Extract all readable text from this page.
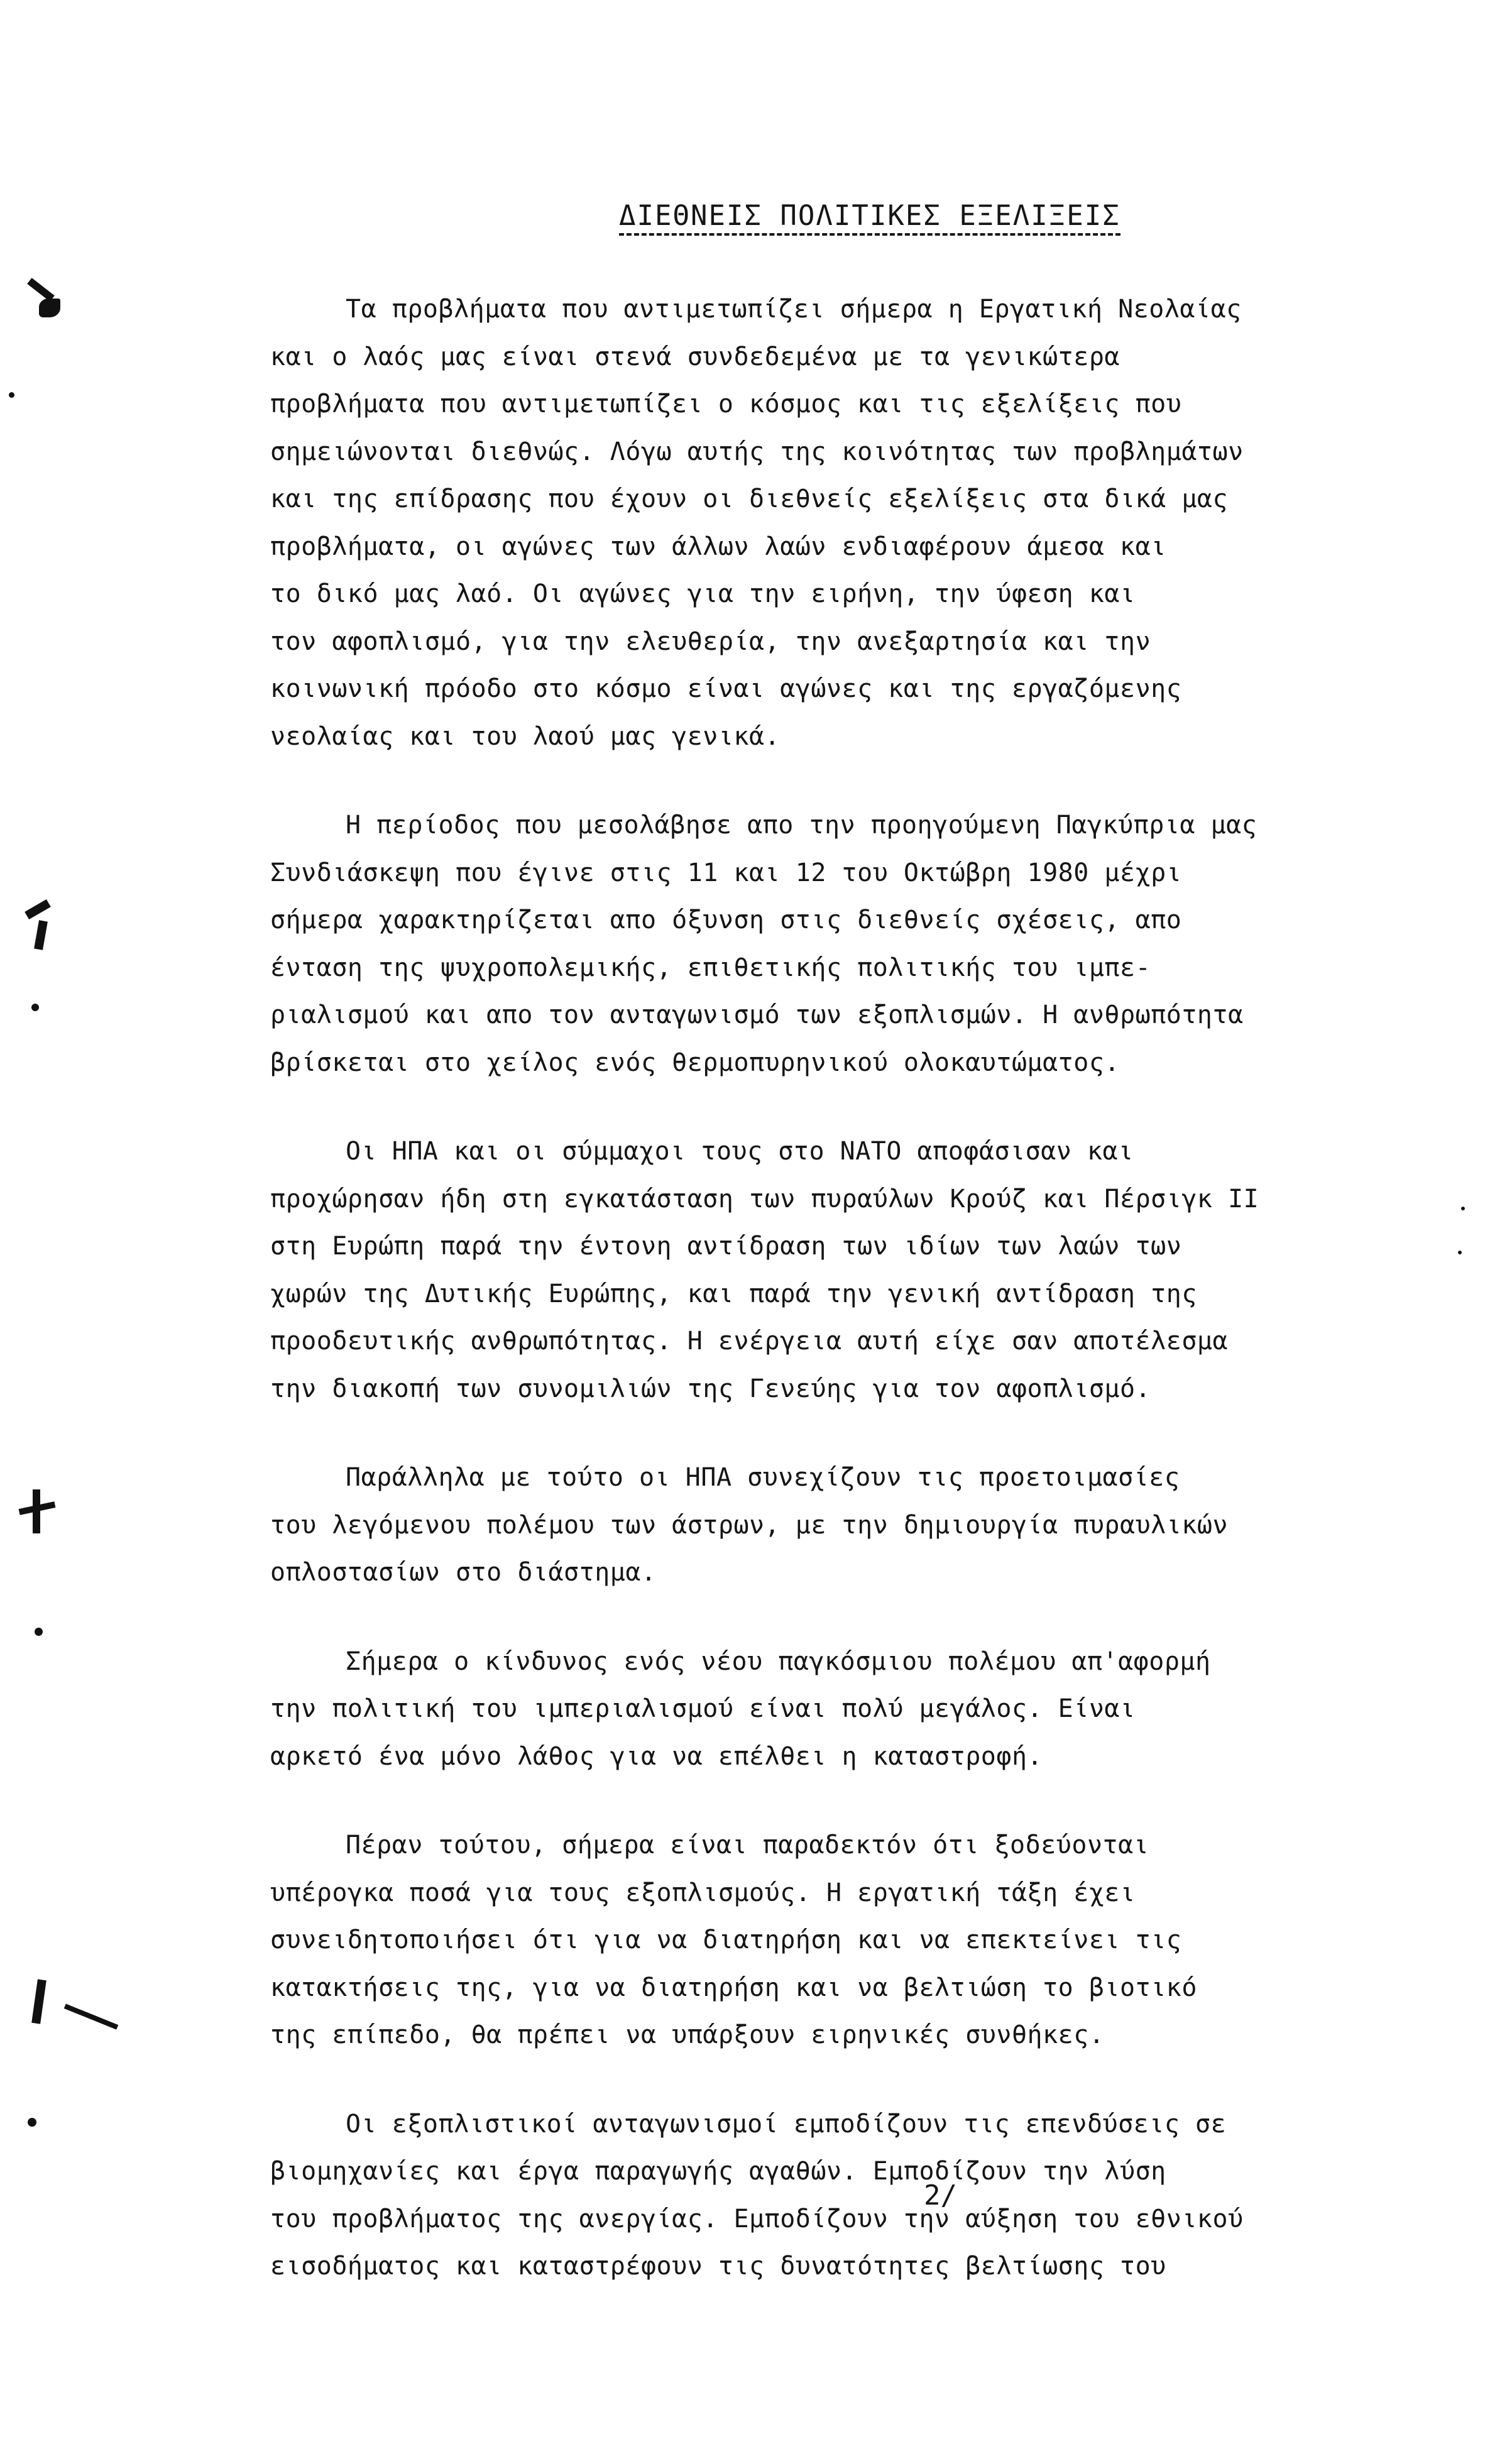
ΔΙΕΘΝΕΙΣ ΠΟΛΙΤΙΚΕΣ ΕΞΕΛΙΞΕΙΣ
Τα προβλήματα που αντιμετωπίζει σήμερα η Εργατική Νεολαίας
και ο λαός μας είναι στενά συνδεδεμένα με τα γενικώτερα
προβλήματα που αντιμετωπίζει ο κόσμος και τις εξελίξεις που
σημειώνονται διεθνώς. Λόγω αυτής της κοινότητας των προβλημάτων
και της επίδρασης που έχουν οι διεθνείς εξελίξεις στα δικά μας
προβλήματα, οι αγώνες των άλλων λαών ενδιαφέρουν άμεσα και
το δικό μας λαό. Οι αγώνες για την ειρήνη, την ύφεση και
τον αφοπλισμό, για την ελευθερία, την ανεξαρτησία και την
κοινωνική πρόοδο στο κόσμο είναι αγώνες και της εργαζόμενης
νεολαίας και του λαού μας γενικά.
Η περίοδος που μεσολάβησε απο την προηγούμενη Παγκύπρια μας
Συνδιάσκεψη που έγινε στις 11 και 12 του Οκτώβρη 1980 μέχρι
σήμερα χαρακτηρίζεται απο όξυνση στις διεθνείς σχέσεις, απο
ένταση της ψυχροπολεμικής, επιθετικής πολιτικής του ιμπε-
ριαλισμού και απο τον ανταγωνισμό των εξοπλισμών. Η ανθρωπότητα
βρίσκεται στο χείλος ενός θερμοπυρηνικού ολοκαυτώματος.
Οι ΗΠΑ και οι σύμμαχοι τους στο ΝΑΤΟ αποφάσισαν και
προχώρησαν ήδη στη εγκατάσταση των πυραύλων Κρούζ και Πέρσιγκ ΙΙ
στη Ευρώπη παρά την έντονη αντίδραση των ιδίων των λαών των
χωρών της Δυτικής Ευρώπης, και παρά την γενική αντίδραση της
προοδευτικής ανθρωπότητας. Η ενέργεια αυτή είχε σαν αποτέλεσμα
την διακοπή των συνομιλιών της Γενεύης για τον αφοπλισμό.
Παράλληλα με τούτο οι ΗΠΑ συνεχίζουν τις προετοιμασίες
του λεγόμενου πολέμου των άστρων, με την δημιουργία πυραυλικών
οπλοστασίων στο διάστημα.
Σήμερα ο κίνδυνος ενός νέου παγκόσμιου πολέμου απ'αφορμή
την πολιτική του ιμπεριαλισμού είναι πολύ μεγάλος. Είναι
αρκετό ένα μόνο λάθος για να επέλθει η καταστροφή.
Πέραν τούτου, σήμερα είναι παραδεκτόν ότι ξοδεύονται
υπέρογκα ποσά για τους εξοπλισμούς. Η εργατική τάξη έχει
συνειδητοποιήσει ότι για να διατηρήση και να επεκτείνει τις
κατακτήσεις της, για να διατηρήση και να βελτιώση το βιοτικό
της επίπεδο, θα πρέπει να υπάρξουν ειρηνικές συνθήκες.
Οι εξοπλιστικοί ανταγωνισμοί εμποδίζουν τις επενδύσεις σε
βιομηχανίες και έργα παραγωγής αγαθών. Εμποδίζουν την λύση
του προβλήματος της ανεργίας. Εμποδίζουν την αύξηση του εθνικού
εισοδήματος και καταστρέφουν τις δυνατότητες βελτίωσης του
2/
